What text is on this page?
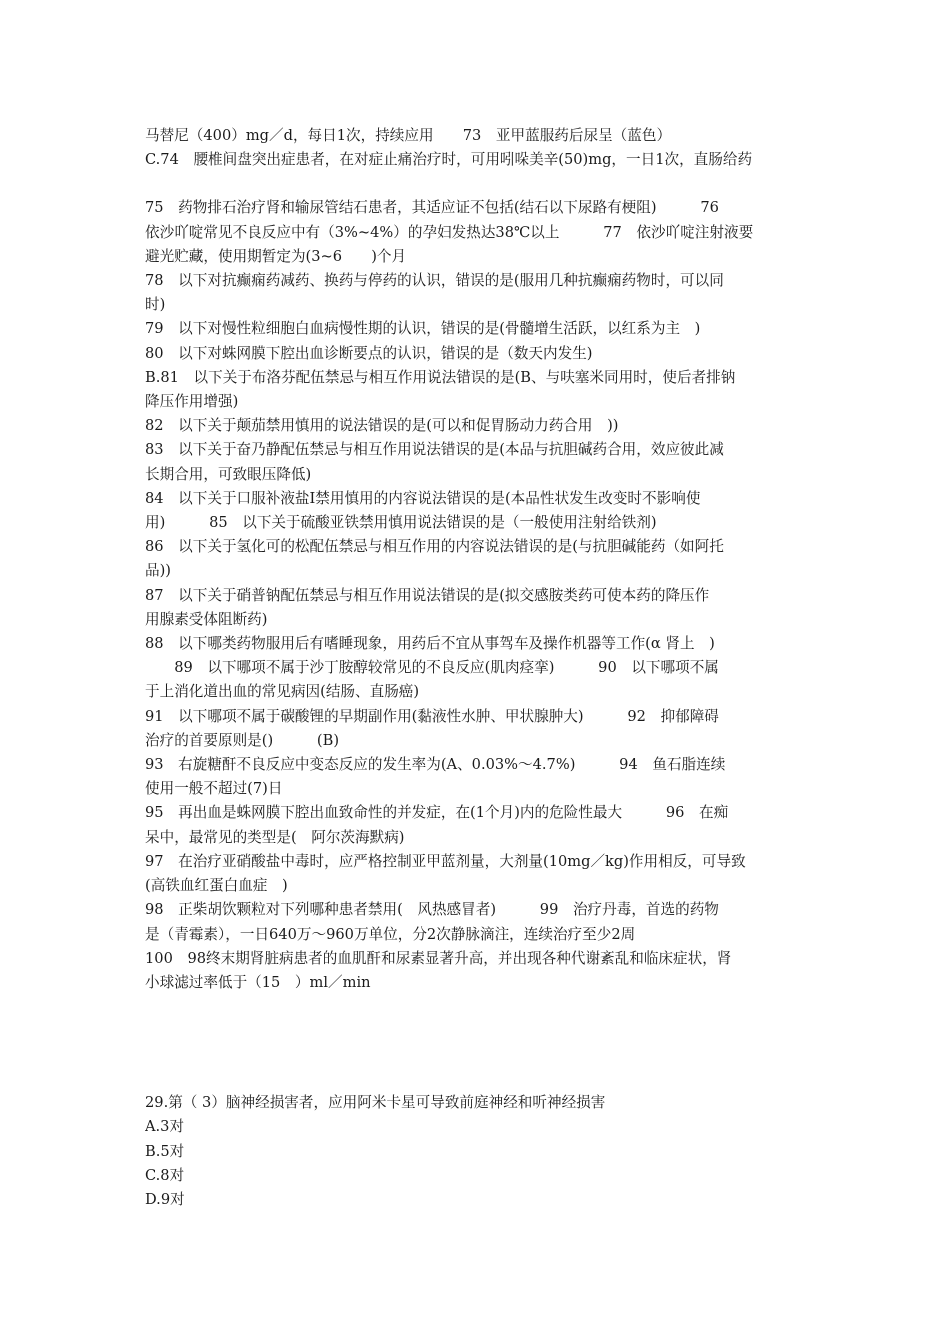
马替尼（400）mg／d，每日1次，持续应用　　73　亚甲蓝服药后尿呈（蓝色）
C.74　腰椎间盘突出症患者，在对症止痛治疗时，可用吲哚美辛(50)mg，一日1次，直肠给药
75　药物排石治疗肾和输尿管结石患者，其适应证不包括(结石以下尿路有梗阻)　　　76
依沙吖啶常见不良反应中有（3%~4%）的孕妇发热达38℃以上　　　77　依沙吖啶注射液要
避光贮藏，使用期暂定为(3~6　　)个月
78　以下对抗癫痫药减药、换药与停药的认识，错误的是(服用几种抗癫痫药物时，可以同
时)
79　以下对慢性粒细胞白血病慢性期的认识，错误的是(骨髓增生活跃，以红系为主　)
80　以下对蛛网膜下腔出血诊断要点的认识，错误的是（数天内发生)
B.81　以下关于布洛芬配伍禁忌与相互作用说法错误的是(B、与呋塞米同用时，使后者排钠
降压作用增强)
82　以下关于颠茄禁用慎用的说法错误的是(可以和促胃肠动力药合用　))
83　以下关于奋乃静配伍禁忌与相互作用说法错误的是(本品与抗胆碱药合用，效应彼此减
长期合用，可致眼压降低)
84　以下关于口服补液盐Ⅰ禁用慎用的内容说法错误的是(本品性状发生改变时不影响使
用)　　　85　以下关于硫酸亚铁禁用慎用说法错误的是（一般使用注射给铁剂)
86　以下关于氢化可的松配伍禁忌与相互作用的内容说法错误的是(与抗胆碱能药（如阿托
品))
87　以下关于硝普钠配伍禁忌与相互作用说法错误的是(拟交感胺类药可使本药的降压作
用腺素受体阻断药)
88　以下哪类药物服用后有嗜睡现象，用药后不宜从事驾车及操作机器等工作(α 肾上　)
　　89　以下哪项不属于沙丁胺醇较常见的不良反应(肌肉痉挛)　　　90　以下哪项不属
于上消化道出血的常见病因(结肠、直肠癌)
91　以下哪项不属于碳酸锂的早期副作用(黏液性水肿、甲状腺肿大)　　　92　抑郁障碍
治疗的首要原则是()　　　(B)
93　右旋糖酐不良反应中变态反应的发生率为(A、0.03%～4.7%)　　　94　鱼石脂连续
使用一般不超过(7)日
95　再出血是蛛网膜下腔出血致命性的并发症，在(1个月)内的危险性最大　　　96　在痴
呆中，最常见的类型是(　阿尔茨海默病)
97　在治疗亚硝酸盐中毒时，应严格控制亚甲蓝剂量，大剂量(10mg／kg)作用相反，可导致
(高铁血红蛋白血症　)
98　正柴胡饮颗粒对下列哪种患者禁用(　风热感冒者)　　　99　治疗丹毒，首选的药物
是（青霉素），一日640万～960万单位，分2次静脉滴注，连续治疗至少2周
100　98终末期肾脏病患者的血肌酐和尿素显著升高，并出现各种代谢紊乱和临床症状，肾
小球滤过率低于（15　）ml／min
29.第（ 3）脑神经损害者，应用阿米卡星可导致前庭神经和听神经损害
A.3对
B.5对
C.8对
D.9对
